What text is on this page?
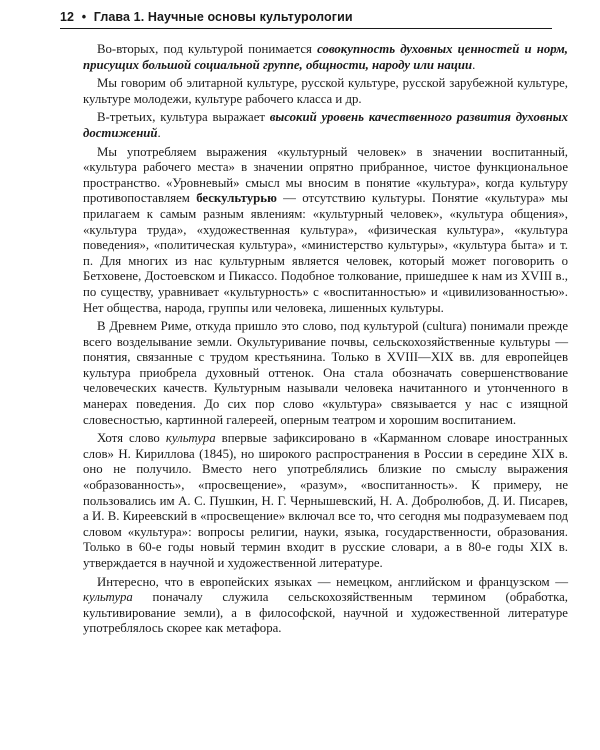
12 • Глава 1. Научные основы культурологии

Во-вторых, под культурой понимается совокупность духовных ценностей и норм, присущих большой социальной группе, общности, народу или нации.

Мы говорим об элитарной культуре, русской культуре, русской зарубежной культуре, культуре молодежи, культуре рабочего класса и др.

В-третьих, культура выражает высокий уровень качественного развития духовных достижений.

Мы употребляем выражения «культурный человек» в значении воспитанный, «культура рабочего места» в значении опрятно прибранное, чистое функциональное пространство. «Уровневый» смысл мы вносим в понятие «культура», когда культуру противопоставляем бескультурью — отсутствию культуры. Понятие «культура» мы прилагаем к самым разным явлениям: «культурный человек», «культура общения», «культура труда», «художественная культура», «физическая культура», «культура поведения», «политическая культура», «министерство культуры», «культура быта» и т. п. Для многих из нас культурным является человек, который может поговорить о Бетховене, Достоевском и Пикассо. Подобное толкование, пришедшее к нам из XVIII в., по существу, уравнивает «культурность» с «воспитанностью» и «цивилизованностью». Нет общества, народа, группы или человека, лишенных культуры.

В Древнем Риме, откуда пришло это слово, под культурой (cultura) понимали прежде всего возделывание земли. Окультуривание почвы, сельскохозяйственные культуры — понятия, связанные с трудом крестьянина. Только в XVIII—XIX вв. для европейцев культура приобрела духовный оттенок. Она стала обозначать совершенствование человеческих качеств. Культурным называли человека начитанного и утонченного в манерах поведения. До сих пор слово «культура» связывается у нас с изящной словесностью, картинной галереей, оперным театром и хорошим воспитанием.

Хотя слово культура впервые зафиксировано в «Карманном словаре иностранных слов» Н. Кириллова (1845), но широкого распространения в России в середине XIX в. оно не получило. Вместо него употреблялись близкие по смыслу выражения «образованность», «просвещение», «разум», «воспитанность». К примеру, не пользовались им А. С. Пушкин, Н. Г. Чернышевский, Н. А. Добролюбов, Д. И. Писарев, а И. В. Киреевский в «просвещение» включал все то, что сегодня мы подразумеваем под словом «культура»: вопросы религии, науки, языка, государственности, образования. Только в 60-е годы новый термин входит в русские словари, а в 80-е годы XIX в. утверждается в научной и художественной литературе.

Интересно, что в европейских языках — немецком, английском и французском — культура поначалу служила сельскохозяйственным термином (обработка, культивирование земли), а в философской, научной и художественной литературе употреблялось скорее как метафора.
